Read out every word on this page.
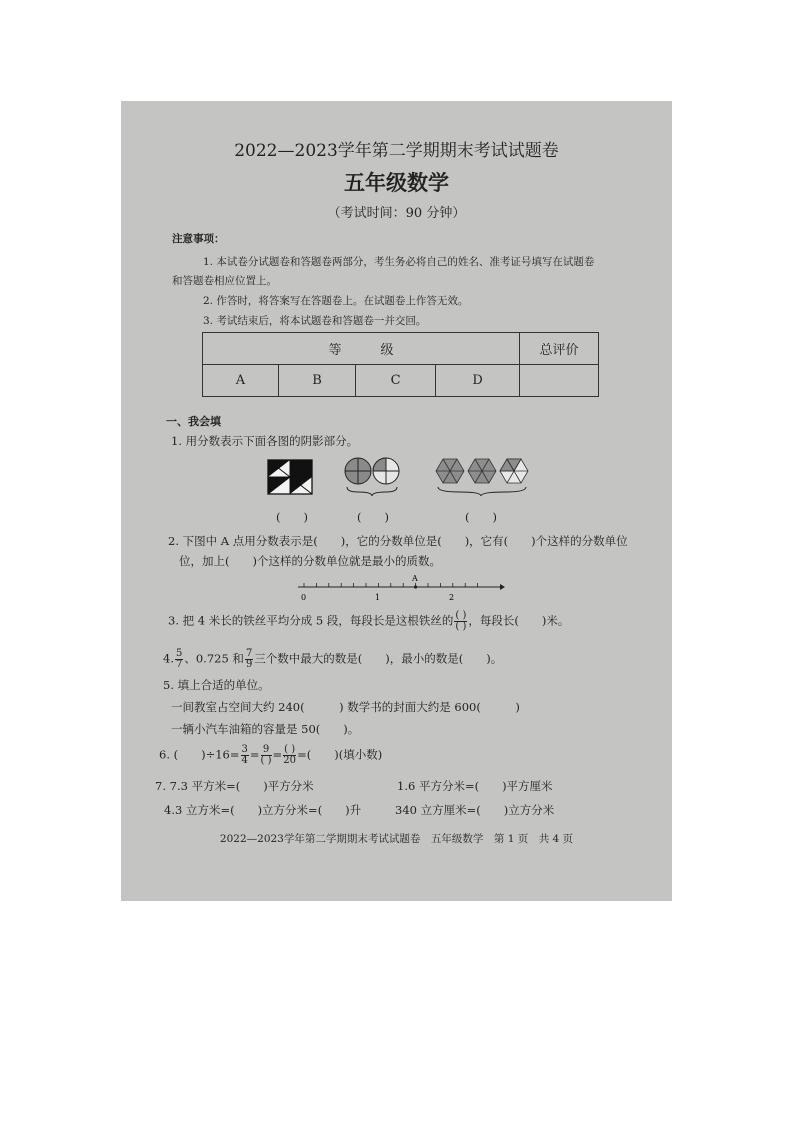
2022—2023学年第二学期期末考试试题卷
五年级数学
（考试时间：90 分钟）
注意事项：
1. 本试卷分试题卷和答题卷两部分，考生务必将自己的姓名、准考证号填写在试题卷
和答题卷相应位置上。
2. 作答时，将答案写在答题卷上。在试题卷上作答无效。
3. 考试结束后，将本试题卷和答题卷一并交回。
等　　　级				总评价
A	B	C	D	
一、我会填
1. 用分数表示下面各图的阴影部分。
(　　)	(　　)	(　　)
2. 下图中 A 点用分数表示是(　　)，它的分数单位是(　　)，它有(　　)个这样的分数单位
位，加上(　　)个这样的分数单位就是最小的质数。
A
0	1	2
3. 把 4 米长的铁丝平均分成 5 段，每段长是这根铁丝的 $\frac{( )}{( )}$ ，每段长(　　)米。
4. $\frac{5}{7}$ 、0.725 和 $\frac{7}{9}$ 三个数中最大的数是(　　)，最小的数是(　　)。
5. 填上合适的单位。
一间教室占空间大约 240(　　　) 数学书的封面大约是 600(　　　)
一辆小汽车油箱的容量是 50(　　)。
6. (　　)$\div 16= \frac{3}{4} = \frac{9}{( )} = \frac{( )}{20}$ =(　　)(填小数)
7. 7.3 平方米=(　　)平方分米	1.6 平方分米=(　　)平方厘米
4.3 立方米=(　　)立方分米=(　　)升	340 立方厘米=(　　)立方分米
2022—2023学年第二学期期末考试试题卷　五年级数学　第 1 页　共 4 页
